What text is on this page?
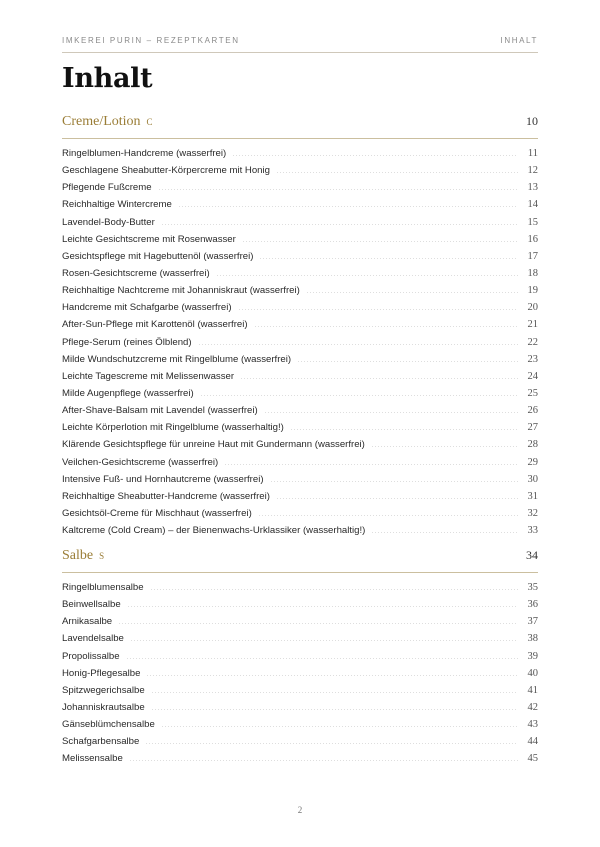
IMKEREI PURIN – REZEPTKARTEN	INHALT
Inhalt
Creme/Lotion C	10
Ringelblumen-Handcreme (wasserfrei)	11
Geschlagene Sheabutter-Körpercreme mit Honig	12
Pflegende Fußcreme	13
Reichhaltige Wintercreme	14
Lavendel-Body-Butter	15
Leichte Gesichtscreme mit Rosenwasser	16
Gesichtspflege mit Hagebuttenöl (wasserfrei)	17
Rosen-Gesichtscreme (wasserfrei)	18
Reichhaltige Nachtcreme mit Johanniskraut (wasserfrei)	19
Handcreme mit Schafgarbe (wasserfrei)	20
After-Sun-Pflege mit Karottenöl (wasserfrei)	21
Pflege-Serum (reines Ölblend)	22
Milde Wundschutzcreme mit Ringelblume (wasserfrei)	23
Leichte Tagescreme mit Melissenwasser	24
Milde Augenpflege (wasserfrei)	25
After-Shave-Balsam mit Lavendel (wasserfrei)	26
Leichte Körperlotion mit Ringelblume (wasserhaltig!)	27
Klärende Gesichtspflege für unreine Haut mit Gundermann (wasserfrei)	28
Veilchen-Gesichtscreme (wasserfrei)	29
Intensive Fuß- und Hornhautcreme (wasserfrei)	30
Reichhaltige Sheabutter-Handcreme (wasserfrei)	31
Gesichtsöl-Creme für Mischhaut (wasserfrei)	32
Kaltcreme (Cold Cream) – der Bienenwachs-Urklassiker (wasserhaltig!)	33
Salbe S	34
Ringelblumensalbe	35
Beinwellsalbe	36
Arnikasalbe	37
Lavendelsalbe	38
Propolissalbe	39
Honig-Pflegesalbe	40
Spitzwegerichsalbe	41
Johanniskrautsalbe	42
Gänseblümchensalbe	43
Schafgarbensalbe	44
Melissensalbe	45
2
